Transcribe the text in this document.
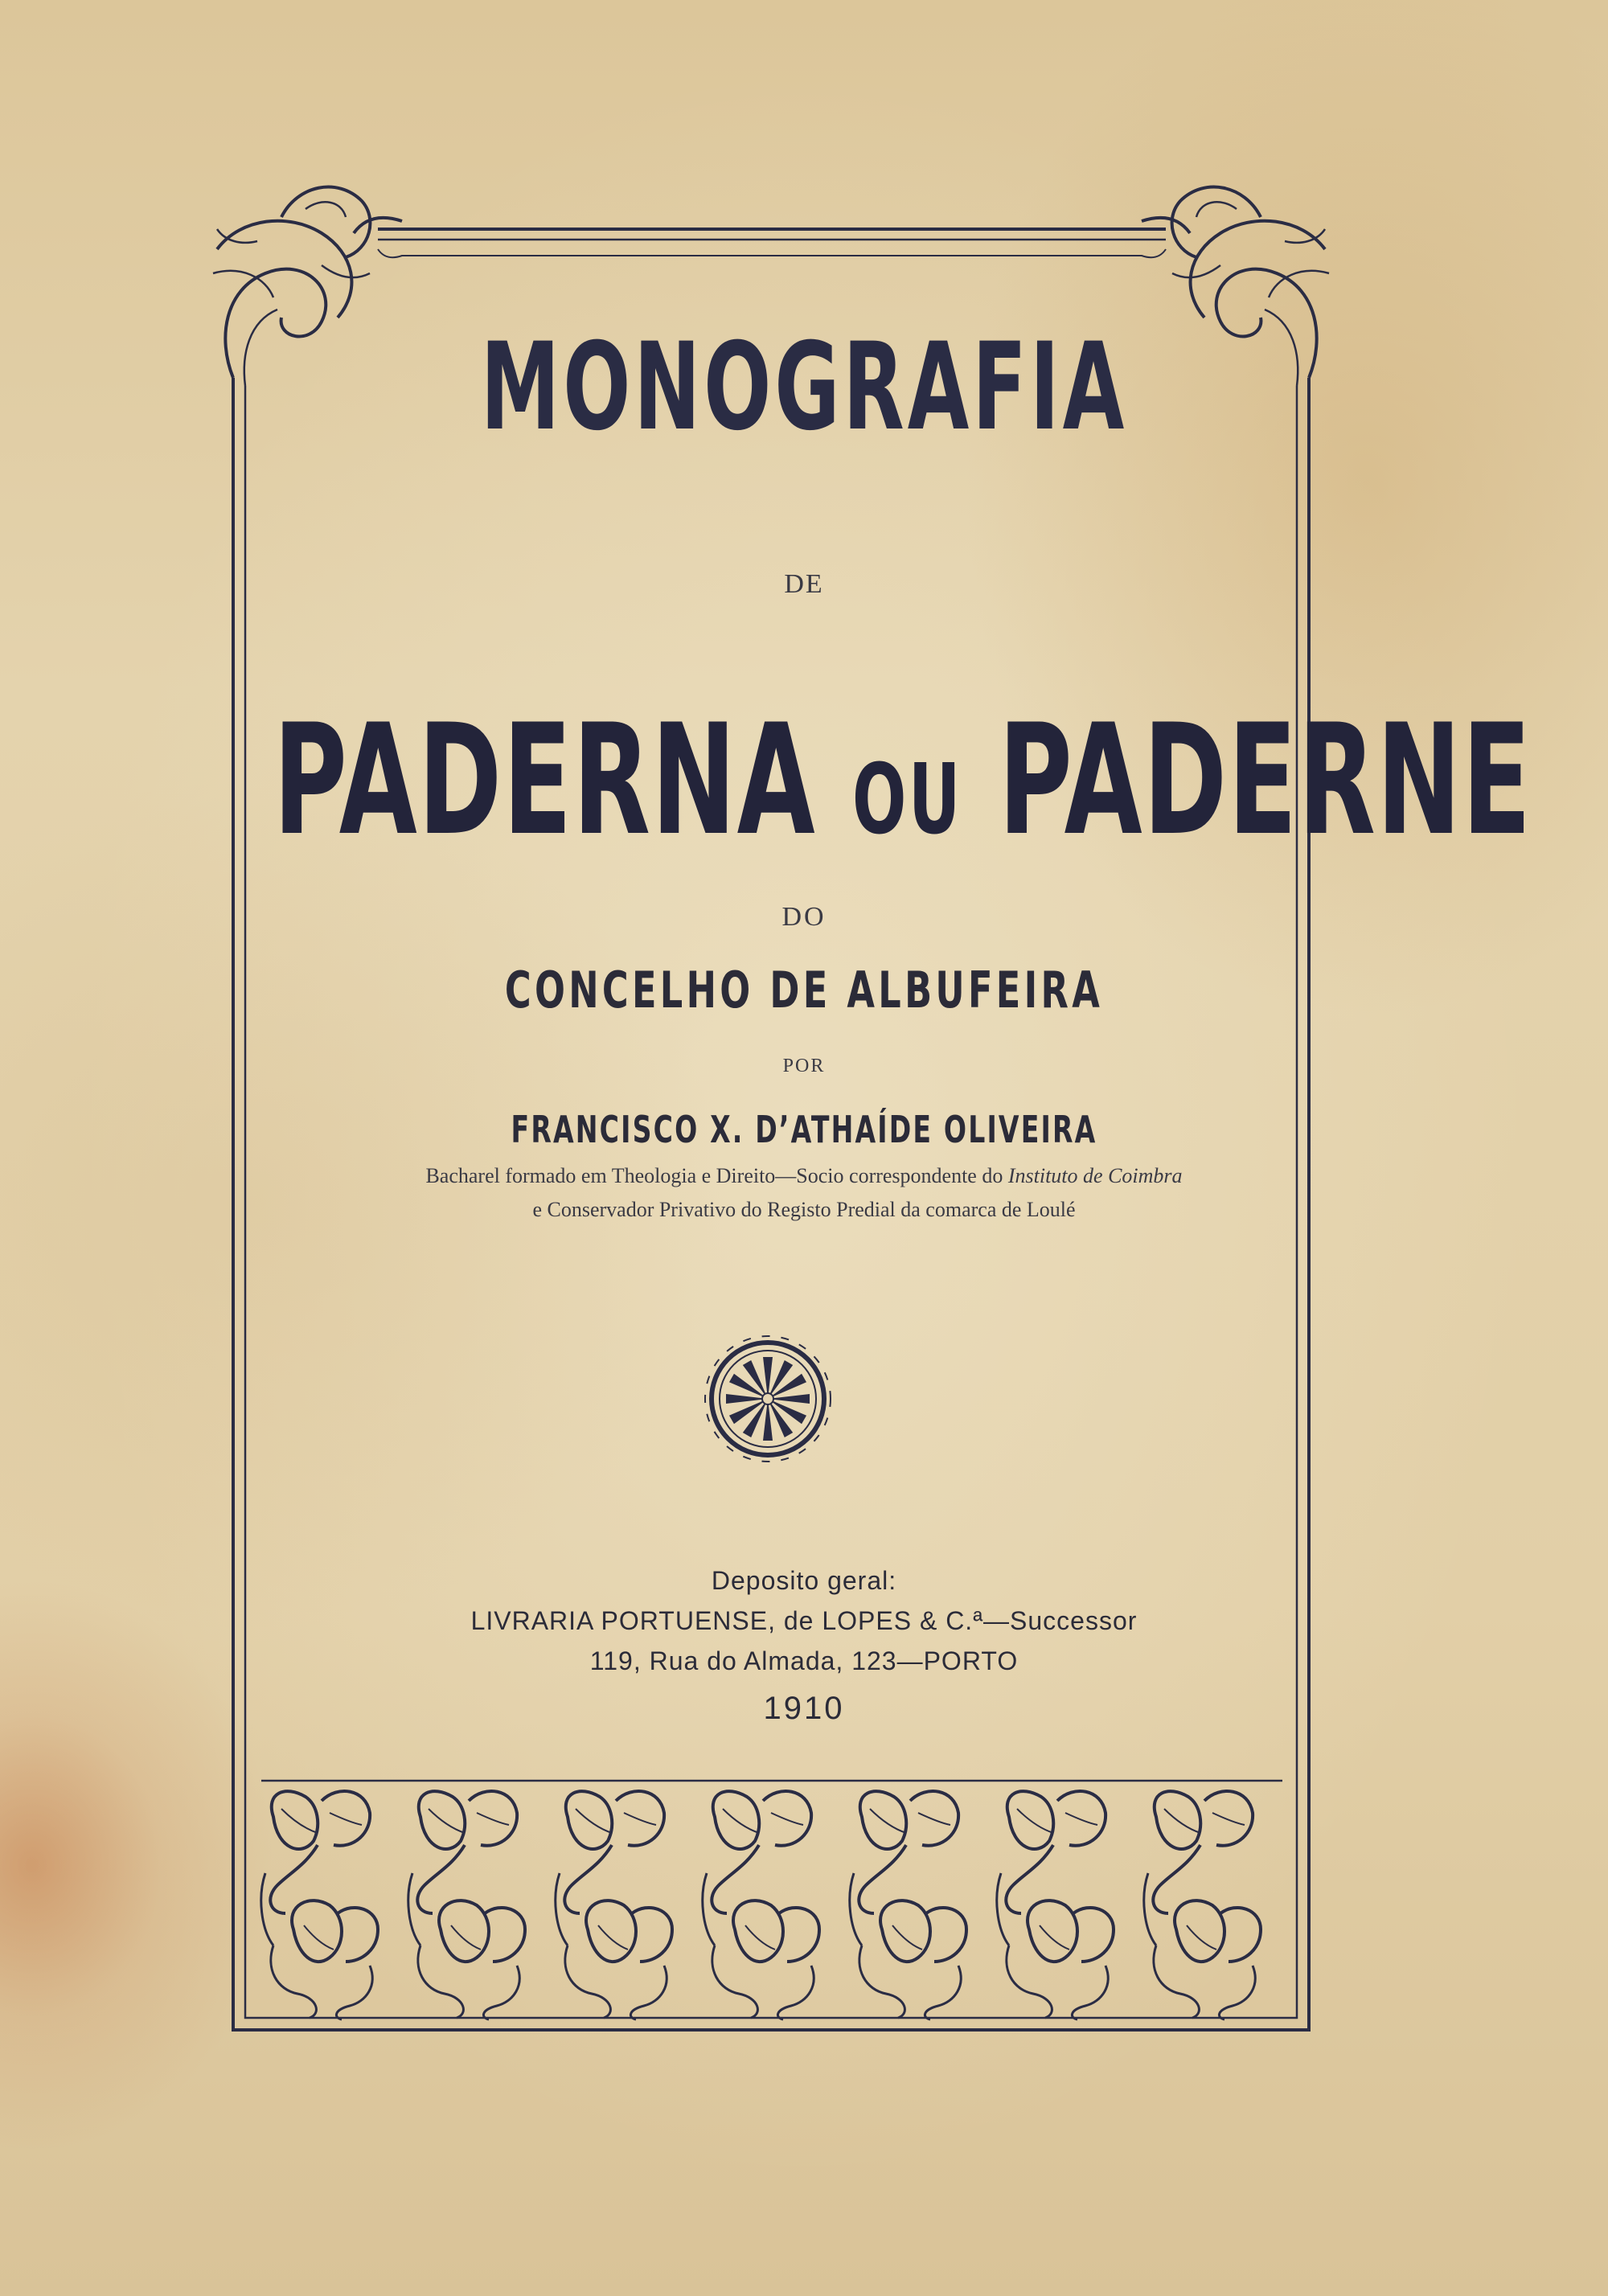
MONOGRAFIA
DE
PADERNA OU PADERNE
DO
CONCELHO DE ALBUFEIRA
POR
FRANCISCO X. D’ATHAÍDE OLIVEIRA
Bacharel formado em Theologia e Direito—Socio correspondente do Instituto de Coimbra
e Conservador Privativo do Registo Predial da comarca de Loulé
Deposito geral:
LIVRARIA PORTUENSE, de LOPES & C.ª—Successor
119, Rua do Almada, 123—PORTO
1910
